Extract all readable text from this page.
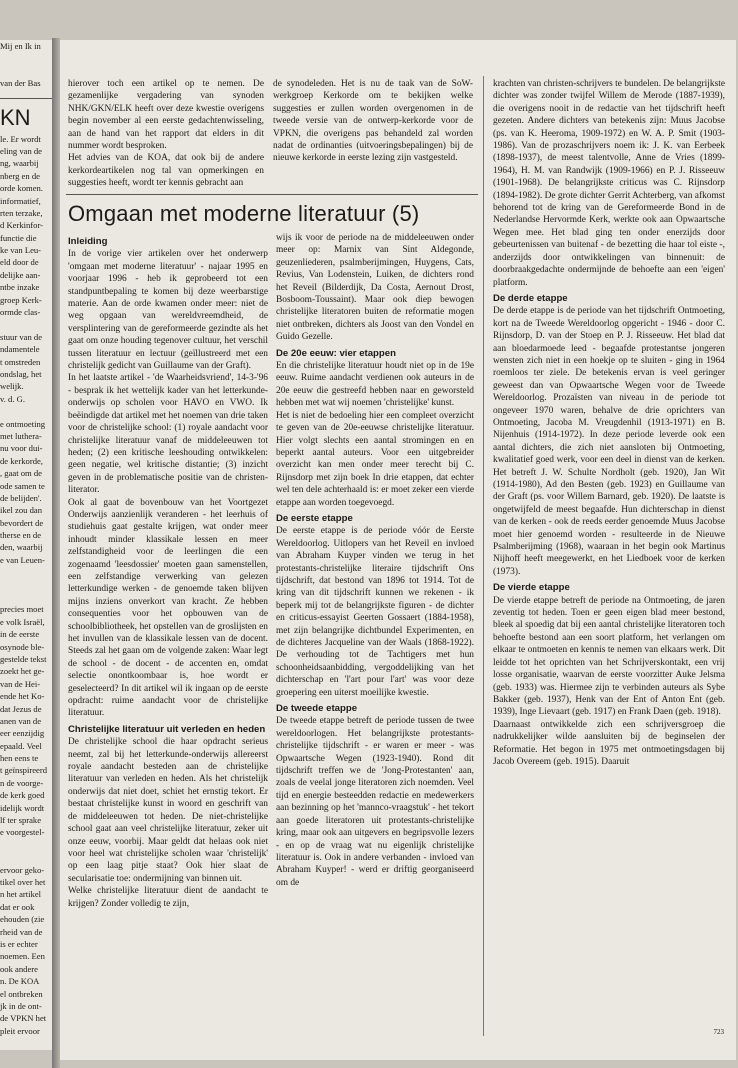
Mij en Ik in
van der Bas
KN
le. Er wordt
eling van de
ng, waarbij
nberg en de
orde komen.
informatief,
rten terzake,
d Kerkinfor-
functie die
ke van Leu-
eld door de
delijke aan-
ntbe inzake
groep Kerk-
ormde clas-
stuur van de
ndamentele
t omstreden
ondslag, het
welijk.
v. d. G.
e ontmoeting
met luthera-
nu voor dui-
de kerkorde,
, gaat om de
ode samen te
de belijden'.
ikel zou dan
bevordert de
therse en de
den, waarbij
e van Leuen-
precies moet
e volk Israël,
in de eerste
osynode ble-
gestelde tekst
zoekt het ge-
van de Hei-
ende het Ko-
dat Jezus de
anen van de
eer eenzijdig
epaald. Veel
hen eens te
t geïnspireerd
n de voorge-
de kerk goed
idelijk wordt
lf ter sprake
e voorgestel-
ervoor geko-
tikel over het
n het artikel
dat er ook
ehouden (zie
rheid van de
is er echter
noemen. Een
ook andere
n. De KOA
el ontbreken
jk in de ont-
de VPKN het
pleit ervoor

hierover toch een artikel op te nemen. De gezamenlijke vergadering van synoden NHK/GKN/ELK heeft over deze kwestie overigens begin november al een eerste gedachtenwisseling, aan de hand van het rapport dat elders in dit nummer wordt besproken.
Het advies van de KOA, dat ook bij de andere kerkordeartikelen nog tal van opmerkingen en suggesties heeft, wordt ter kennis gebracht aan

de synodeleden. Het is nu de taak van de SoW-werkgroep Kerkorde om te bekijken welke suggesties er zullen worden overgenomen in de tweede versie van de ontwerp-kerkorde voor de VPKN, die overigens pas behandeld zal worden nadat de ordinanties (uitvoeringsbepalingen) bij de nieuwe kerkorde in eerste lezing zijn vastgesteld.

Omgaan met moderne literatuur (5)
Inleiding

In de vorige vier artikelen over het onderwerp 'omgaan met moderne literatuur' - najaar 1995 en voorjaar 1996 - heb ik geprobeerd tot een standpuntbepaling te komen bij deze weerbarstige materie. Aan de orde kwamen onder meer: niet de weg opgaan van wereldvreemdheid, de versplintering van de gereformeerde gezindte als het gaat om onze houding tegenover cultuur, het verschil tussen literatuur en lectuur (geïllustreerd met een christelijk gedicht van Guillaume van der Graft).

In het laatste artikel - 'de Waarheidsvriend', 14-3-'96 - besprak ik het wettelijk kader van het letterkunde-onderwijs op scholen voor HAVO en VWO. Ik beëindigde dat artikel met het noemen van drie taken voor de christelijke school: (1) royale aandacht voor christelijke literatuur vanaf de middeleeuwen tot heden; (2) een kritische leeshouding ontwikkelen: geen negatie, wel kritische distantie; (3) inzicht geven in de problematische positie van de christen-literator.

Ook al gaat de bovenbouw van het Voortgezet Onderwijs aanzienlijk veranderen - het leerhuis of studiehuis gaat gestalte krijgen, wat onder meer inhoudt minder klassikale lessen en meer zelfstandigheid voor de leerlingen die een zogenaamd 'leesdossier' moeten gaan samenstellen, een zelfstandige verwerking van gelezen letterkundige werken - de genoemde taken blijven mijns inziens onverkort van kracht. Ze hebben consequenties voor het opbouwen van de schoolbibliotheek, het opstellen van de groslijsten en het invullen van de klassikale lessen van de docent. Steeds zal het gaan om de volgende zaken: Waar legt de school - de docent - de accenten en, omdat selectie onontkoombaar is, hoe wordt er geselecteerd? In dit artikel wil ik ingaan op de eerste opdracht: ruime aandacht voor de christelijke literatuur.

Christelijke literatuur uit verleden en heden

De christelijke school die haar opdracht serieus neemt, zal bij het letterkunde-onderwijs allereerst royale aandacht besteden aan de christelijke literatuur van verleden en heden. Als het christelijk onderwijs dat niet doet, schiet het ernstig tekort. Er bestaat christelijke kunst in woord en geschrift van de middeleeuwen tot heden. De niet-christelijke school gaat aan veel christelijke literatuur, zeker uit onze eeuw, voorbij. Maar geldt dat helaas ook niet voor heel wat christelijke scholen waar 'christelijk' op een laag pitje staat? Ook hier slaat de secularisatie toe: ondermijning van binnen uit.

Welke christelijke literatuur dient de aandacht te krijgen? Zonder volledig te zijn,

wijs ik voor de periode na de middeleeuwen onder meer op: Marnix van Sint Aldegonde, geuzenliederen, psalmberijmingen, Huygens, Cats, Revius, Van Lodenstein, Luiken, de dichters rond het Reveil (Bilderdijk, Da Costa, Aernout Drost, Bosboom-Toussaint). Maar ook diep bewogen christelijke literatoren buiten de reformatie mogen niet ontbreken, dichters als Joost van den Vondel en Guido Gezelle.

De 20e eeuw: vier etappen

En die christelijke literatuur houdt niet op in de 19e eeuw. Ruime aandacht verdienen ook auteurs in de 20e eeuw die gestreefd hebben naar en geworsteld hebben met wat wij noemen 'christelijke' kunst.

Het is niet de bedoeling hier een compleet overzicht te geven van de 20e-eeuwse christelijke literatuur. Hier volgt slechts een aantal stromingen en en beperkt aantal auteurs. Voor een uitgebreider overzicht kan men onder meer terecht bij C. Rijnsdorp met zijn boek In drie etappen, dat echter wel ten dele achterhaald is: er moet zeker een vierde etappe aan worden toegevoegd.

De eerste etappe

De eerste etappe is de periode vóór de Eerste Wereldoorlog. Uitlopers van het Reveil en invloed van Abraham Kuyper vinden we terug in het protestants-christelijke literaire tijdschrift Ons tijdschrift, dat bestond van 1896 tot 1914. Tot de kring van dit tijdschrift kunnen we rekenen - ik beperk mij tot de belangrijkste figuren - de dichter en criticus-essayist Geerten Gossaert (1884-1958), met zijn belangrijke dichtbundel Experimenten, en de dichteres Jacqueline van der Waals (1868-1922). De verhouding tot de Tachtigers met hun schoonheidsaanbidding, vergoddelijking van het dichterschap en 'l'art pour l'art' was voor deze groepering een uiterst moeilijke kwestie.

De tweede etappe

De tweede etappe betreft de periode tussen de twee wereldoorlogen. Het belangrijkste protestants-christelijke tijdschrift - er waren er meer - was Opwaartsche Wegen (1923-1940). Rond dit tijdschrift treffen we de 'Jong-Protestanten' aan, zoals de veelal jonge literatoren zich noemden. Veel tijd en energie besteedden redactie en medewerkers aan bezinning op het 'mannco-vraagstuk' - het tekort aan goede literatoren uit protestants-christelijke kring, maar ook aan uitgevers en begripsvolle lezers - en op de vraag wat nu eigenlijk christelijke literatuur is. Ook in andere verbanden - invloed van Abraham Kuyper! - werd er driftig georganiseerd om de

krachten van christen-schrijvers te bundelen. De belangrijkste dichter was zonder twijfel Willem de Merode (1887-1939), die overigens nooit in de redactie van het tijdschrift heeft gezeten. Andere dichters van betekenis zijn: Muus Jacobse (ps. van K. Heeroma, 1909-1972) en W. A. P. Smit (1903-1986). Van de prozaschrijvers noem ik: J. K. van Eerbeek (1898-1937), de meest talentvolle, Anne de Vries (1899-1964), H. M. van Randwijk (1909-1966) en P. J. Risseeuw (1901-1968). De belangrijkste criticus was C. Rijnsdorp (1894-1982). De grote dichter Gerrit Achterberg, van afkomst behorend tot de kring van de Gereformeerde Bond in de Nederlandse Hervormde Kerk, werkte ook aan Opwaartsche Wegen mee. Het blad ging ten onder enerzijds door gebeurtenissen van buitenaf - de bezetting die haar tol eiste -, anderzijds door ontwikkelingen van binnenuit: de doorbraakgedachte ondermijnde de behoefte aan een 'eigen' platform.

De derde etappe

De derde etappe is de periode van het tijdschrift Ontmoeting, kort na de Tweede Wereldoorlog opgericht - 1946 - door C. Rijnsdorp, D. van der Stoep en P. J. Risseeuw. Het blad dat aan bloedarmoede leed - begaafde protestantse jongeren wensten zich niet in een hoekje op te sluiten - ging in 1964 roemloos ter ziele. De betekenis ervan is veel geringer geweest dan van Opwaartsche Wegen voor de Tweede Wereldoorlog. Prozaïsten van niveau in de periode tot ongeveer 1970 waren, behalve de drie oprichters van Ontmoeting, Jacoba M. Vreugdenhil (1913-1971) en B. Nijenhuis (1914-1972). In deze periode leverde ook een aantal dichters, die zich niet aansloten bij Ontmoeting, kwalitatief goed werk, voor een deel in dienst van de kerken. Het betreft J. W. Schulte Nordholt (geb. 1920), Jan Wit (1914-1980), Ad den Besten (geb. 1923) en Guillaume van der Graft (ps. voor Willem Barnard, geb. 1920). De laatste is ongetwijfeld de meest begaafde. Hun dichterschap in dienst van de kerken - ook de reeds eerder genoemde Muus Jacobse moet hier genoemd worden - resulteerde in de Nieuwe Psalmberijming (1968), waaraan in het begin ook Martinus Nijhoff heeft meegewerkt, en het Liedboek voor de kerken (1973).

De vierde etappe

De vierde etappe betreft de periode na Ontmoeting, de jaren zeventig tot heden. Toen er geen eigen blad meer bestond, bleek al spoedig dat bij een aantal christelijke literatoren toch behoefte bestond aan een soort platform, het verlangen om elkaar te ontmoeten en kennis te nemen van elkaars werk. Dit leidde tot het oprichten van het Schrijverskontakt, een vrij losse organisatie, waarvan de eerste voorzitter Auke Jelsma (geb. 1933) was. Hiermee zijn te verbinden auteurs als Sybe Bakker (geb. 1937), Henk van der Ent of Anton Ent (geb. 1939), Inge Lievaart (geb. 1917) en Frank Daen (geb. 1918).

Daarnaast ontwikkelde zich een schrijversgroep die nadrukkelijker wilde aansluiten bij de beginselen der Reformatie. Het begon in 1975 met ontmoetingsdagen bij Jacob Overeem (geb. 1915). Daaruit

723
